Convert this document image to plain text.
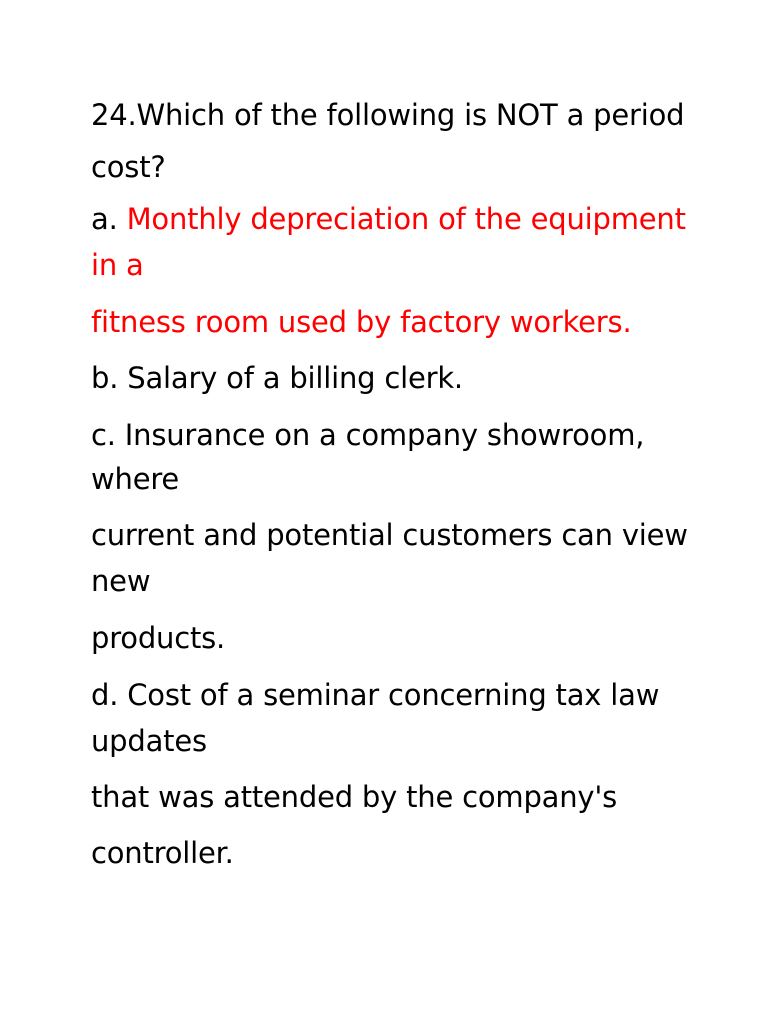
24.Which of the following is NOT a period
cost?
a. Monthly depreciation of the equipment
in a
fitness room used by factory workers.
b. Salary of a billing clerk.
c. Insurance on a company showroom,
where
current and potential customers can view
new
products.
d. Cost of a seminar concerning tax law
updates
that was attended by the company's
controller.
